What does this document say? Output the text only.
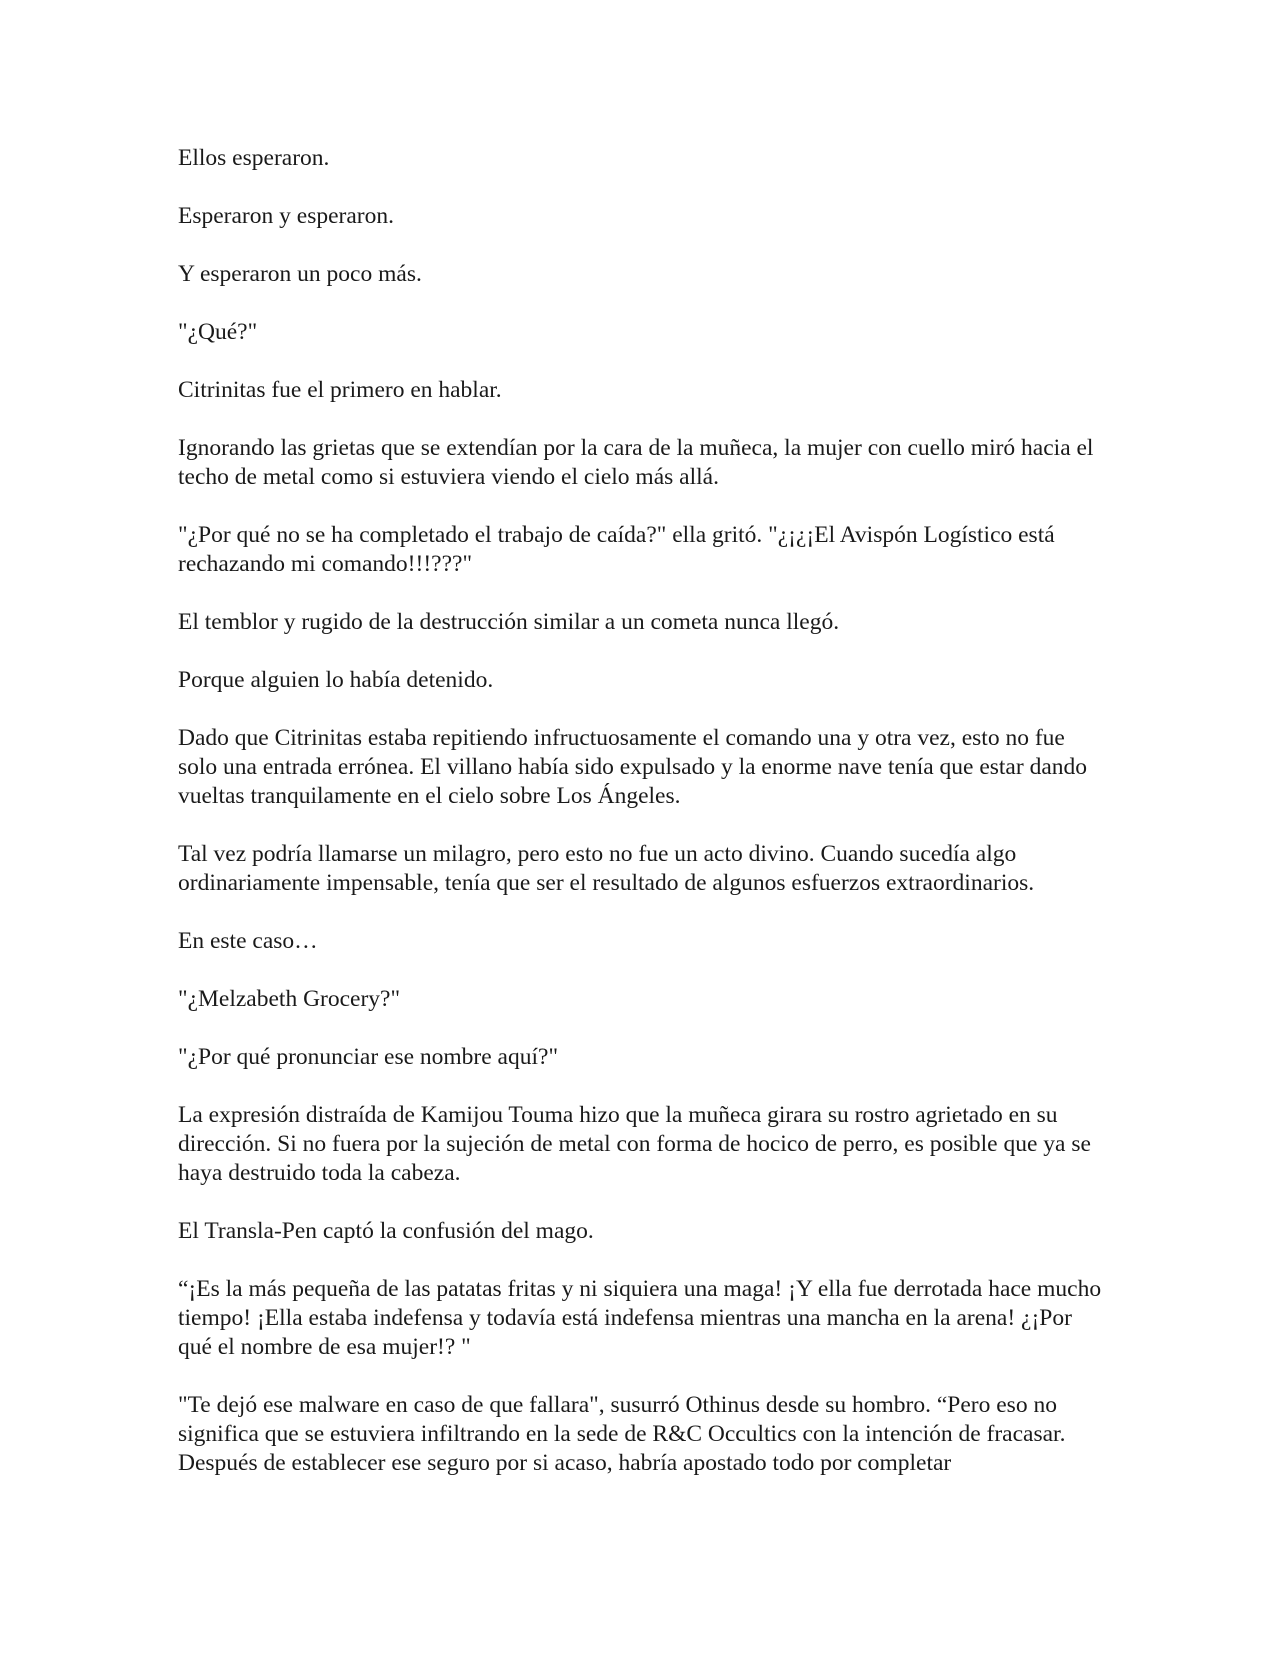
Ellos esperaron.

Esperaron y esperaron.

Y esperaron un poco más.

"¿Qué?"

Citrinitas fue el primero en hablar.

Ignorando las grietas que se extendían por la cara de la muñeca, la mujer con cuello miró hacia el techo de metal como si estuviera viendo el cielo más allá.

"¿Por qué no se ha completado el trabajo de caída?" ella gritó. "¿¡¿¡El Avispón Logístico está rechazando mi comando!!!???"

El temblor y rugido de la destrucción similar a un cometa nunca llegó.

Porque alguien lo había detenido.

Dado que Citrinitas estaba repitiendo infructuosamente el comando una y otra vez, esto no fue solo una entrada errónea. El villano había sido expulsado y la enorme nave tenía que estar dando vueltas tranquilamente en el cielo sobre Los Ángeles.

Tal vez podría llamarse un milagro, pero esto no fue un acto divino. Cuando sucedía algo ordinariamente impensable, tenía que ser el resultado de algunos esfuerzos extraordinarios.

En este caso…

"¿Melzabeth Grocery?"

"¿Por qué pronunciar ese nombre aquí?"

La expresión distraída de Kamijou Touma hizo que la muñeca girara su rostro agrietado en su dirección. Si no fuera por la sujeción de metal con forma de hocico de perro, es posible que ya se haya destruido toda la cabeza.

El Transla-Pen captó la confusión del mago.

“¡Es la más pequeña de las patatas fritas y ni siquiera una maga! ¡Y ella fue derrotada hace mucho tiempo! ¡Ella estaba indefensa y todavía está indefensa mientras una mancha en la arena! ¿¡Por qué el nombre de esa mujer!? "

"Te dejó ese malware en caso de que fallara", susurró Othinus desde su hombro. “Pero eso no significa que se estuviera infiltrando en la sede de R&C Occultics con la intención de fracasar. Después de establecer ese seguro por si acaso, habría apostado todo por completar
